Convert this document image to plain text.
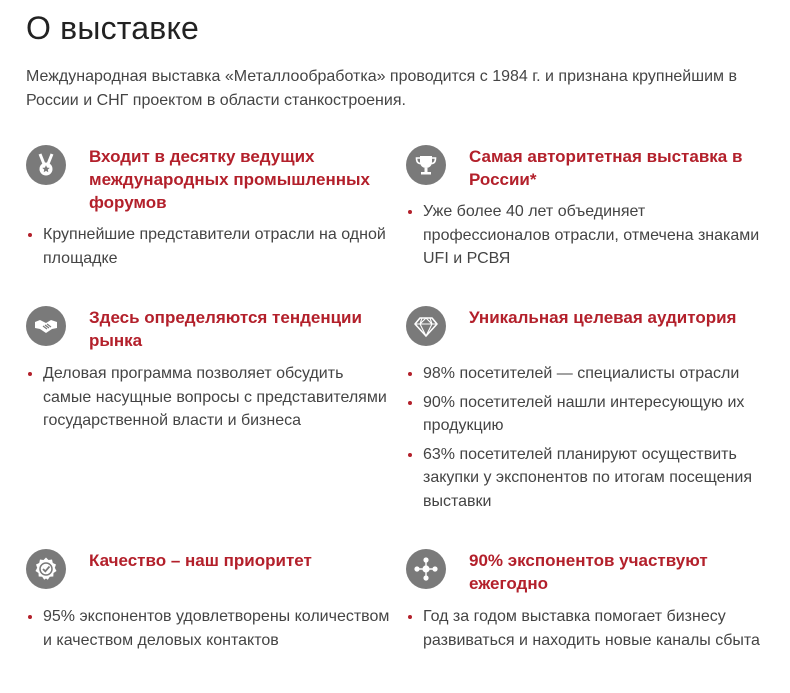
О выставке

Международная выставка «Металлообработка» проводится с 1984 г. и признана крупнейшим в России и СНГ проектом в области станкостроения.

Входит в десятку ведущих международных промышленных форумов

Крупнейшие представители отрасли на одной площадке

Самая авторитетная выставка в России*

Уже более 40 лет объединяет профессионалов отрасли, отмечена знаками UFI и РСВЯ

Здесь определяются тенденции рынка

Деловая программа позволяет обсудить самые насущные вопросы с представителями государственной власти и бизнеса

Уникальная целевая аудитория

98% посетителей — специалисты отрасли
90% посетителей нашли интересующую их продукцию
63% посетителей планируют осуществить закупки у экспонентов по итогам посещения выставки

Качество – наш приоритет

95% экспонентов удовлетворены количеством и качеством деловых контактов

90% экспонентов участвуют ежегодно

Год за годом выставка помогает бизнесу развиваться и находить новые каналы сбыта
